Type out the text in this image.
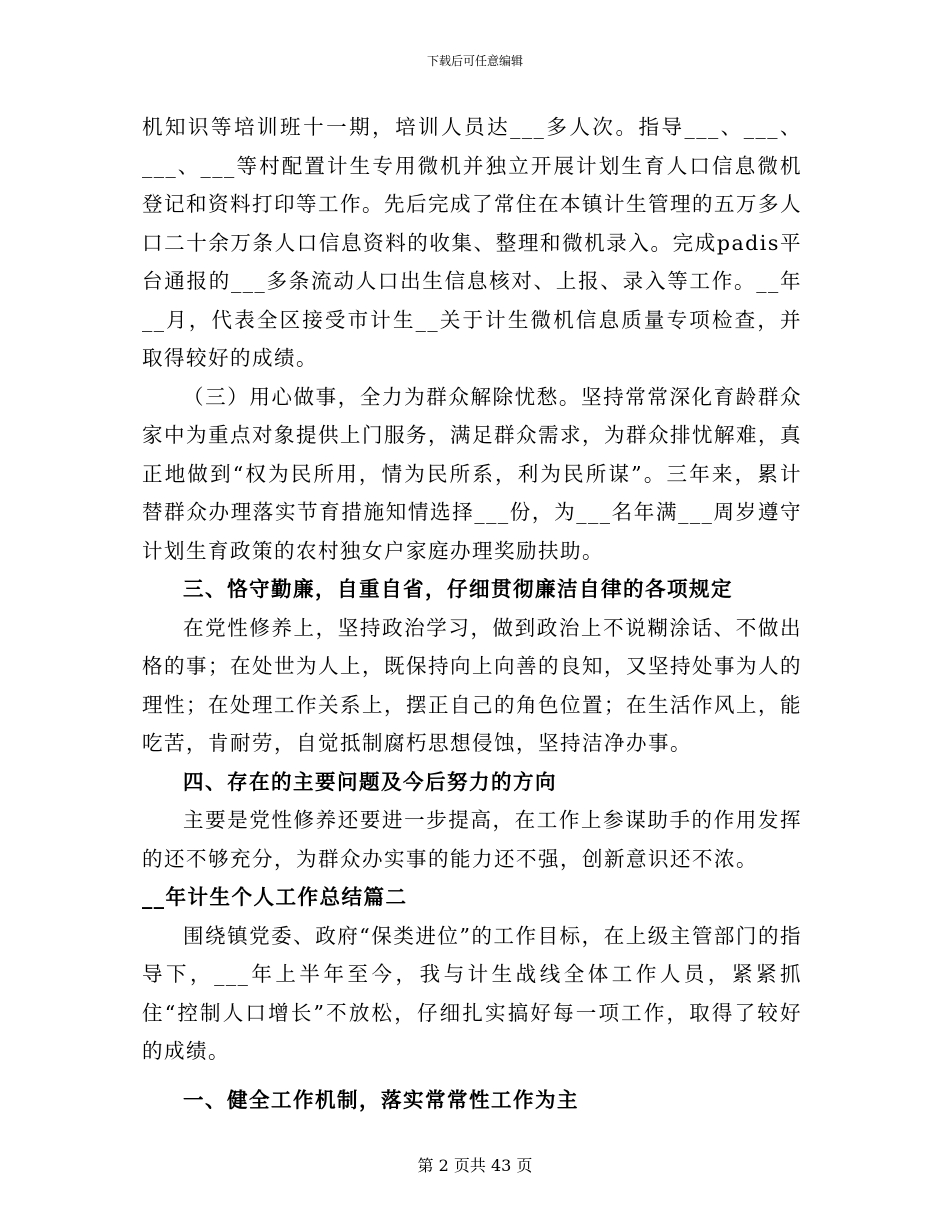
下载后可任意编辑

机知识等培训班十一期，培训人员达___多人次。指导___、___、___、___等村配置计生专用微机并独立开展计划生育人口信息微机登记和资料打印等工作。先后完成了常住在本镇计生管理的五万多人口二十余万条人口信息资料的收集、整理和微机录入。完成padis平台通报的___多条流动人口出生信息核对、上报、录入等工作。__年__月，代表全区接受市计生__关于计生微机信息质量专项检查，并取得较好的成绩。

（三）用心做事，全力为群众解除忧愁。坚持常常深化育龄群众家中为重点对象提供上门服务，满足群众需求，为群众排忧解难，真正地做到“权为民所用，情为民所系，利为民所谋”。三年来，累计替群众办理落实节育措施知情选择___份，为___名年满___周岁遵守计划生育政策的农村独女户家庭办理奖励扶助。

三、恪守勤廉，自重自省，仔细贯彻廉洁自律的各项规定

在党性修养上，坚持政治学习，做到政治上不说糊涂话、不做出格的事；在处世为人上，既保持向上向善的良知，又坚持处事为人的理性；在处理工作关系上，摆正自己的角色位置；在生活作风上，能吃苦，肯耐劳，自觉抵制腐朽思想侵蚀，坚持洁净办事。

四、存在的主要问题及今后努力的方向

主要是党性修养还要进一步提高，在工作上参谋助手的作用发挥的还不够充分，为群众办实事的能力还不强，创新意识还不浓。

__年计生个人工作总结篇二

围绕镇党委、政府“保类进位”的工作目标，在上级主管部门的指导下，___年上半年至今，我与计生战线全体工作人员，紧紧抓住“控制人口增长”不放松，仔细扎实搞好每一项工作，取得了较好的成绩。

一、健全工作机制，落实常常性工作为主

第 2 页共 43 页
